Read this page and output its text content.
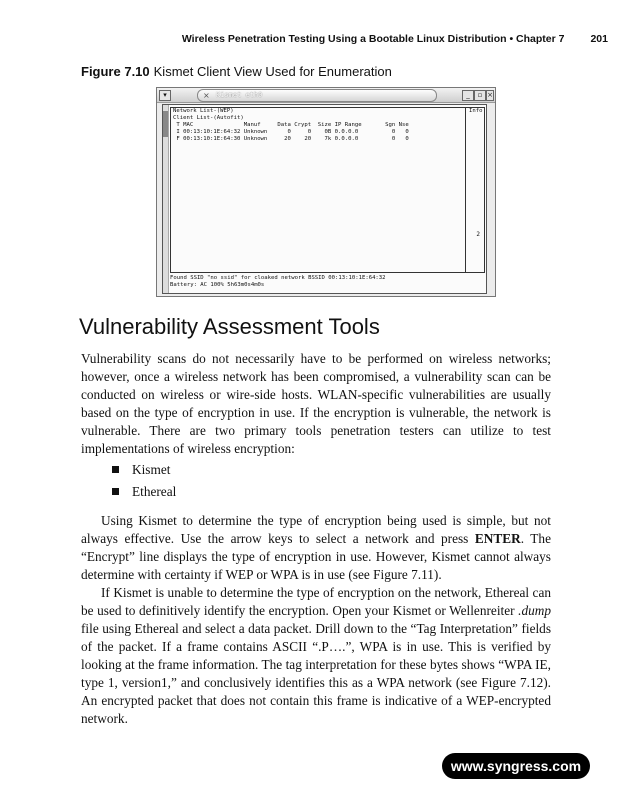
Wireless Penetration Testing Using a Bootable Linux Distribution • Chapter 7 201
Figure 7.10 Kismet Client View Used for Enumeration
▾	× Kismet eth0	_	▫ ×
Network List-(WEP)
Client List-(Autofit)
T MAC               Manuf     Data Crypt  Size IP Range       Sgn Nse
I 00:13:10:1E:64:32 Unknown      0     0    0B 0.0.0.0          0   0
F 00:13:10:1E:64:30 Unknown     20    20    7k 0.0.0.0          0   0
Info
2
Found SSID "no ssid" for cloaked network BSSID 00:13:10:1E:64:32
Battery: AC 100% 5h63m0s4m0s
Vulnerability Assessment Tools

Vulnerability scans do not necessarily have to be performed on wireless networks; however, once a wireless network has been compromised, a vulnerability scan can be conducted on wireless or wire-side hosts. WLAN-specific vulnerabilities are usually based on the type of encryption in use. If the encryption is vulnerable, the network is vulnerable. There are two primary tools penetration testers can utilize to test implementations of wireless encryption:

Kismet
Ethereal

Using Kismet to determine the type of encryption being used is simple, but not always effective. Use the arrow keys to select a network and press ENTER. The “Encrypt” line displays the type of encryption in use. However, Kismet cannot always determine with certainty if WEP or WPA is in use (see Figure 7.11).

If Kismet is unable to determine the type of encryption on the network, Ethereal can be used to definitively identify the encryption. Open your Kismet or Wellenreiter .dump file using Ethereal and select a data packet. Drill down to the “Tag Interpretation” fields of the packet. If a frame contains ASCII “.P….”, WPA is in use. This is verified by looking at the frame information. The tag interpretation for these bytes shows “WPA IE, type 1, version1,” and conclusively identifies this as a WPA network (see Figure 7.12). An encrypted packet that does not contain this frame is indicative of a WEP-encrypted network.

www.syngress.com
